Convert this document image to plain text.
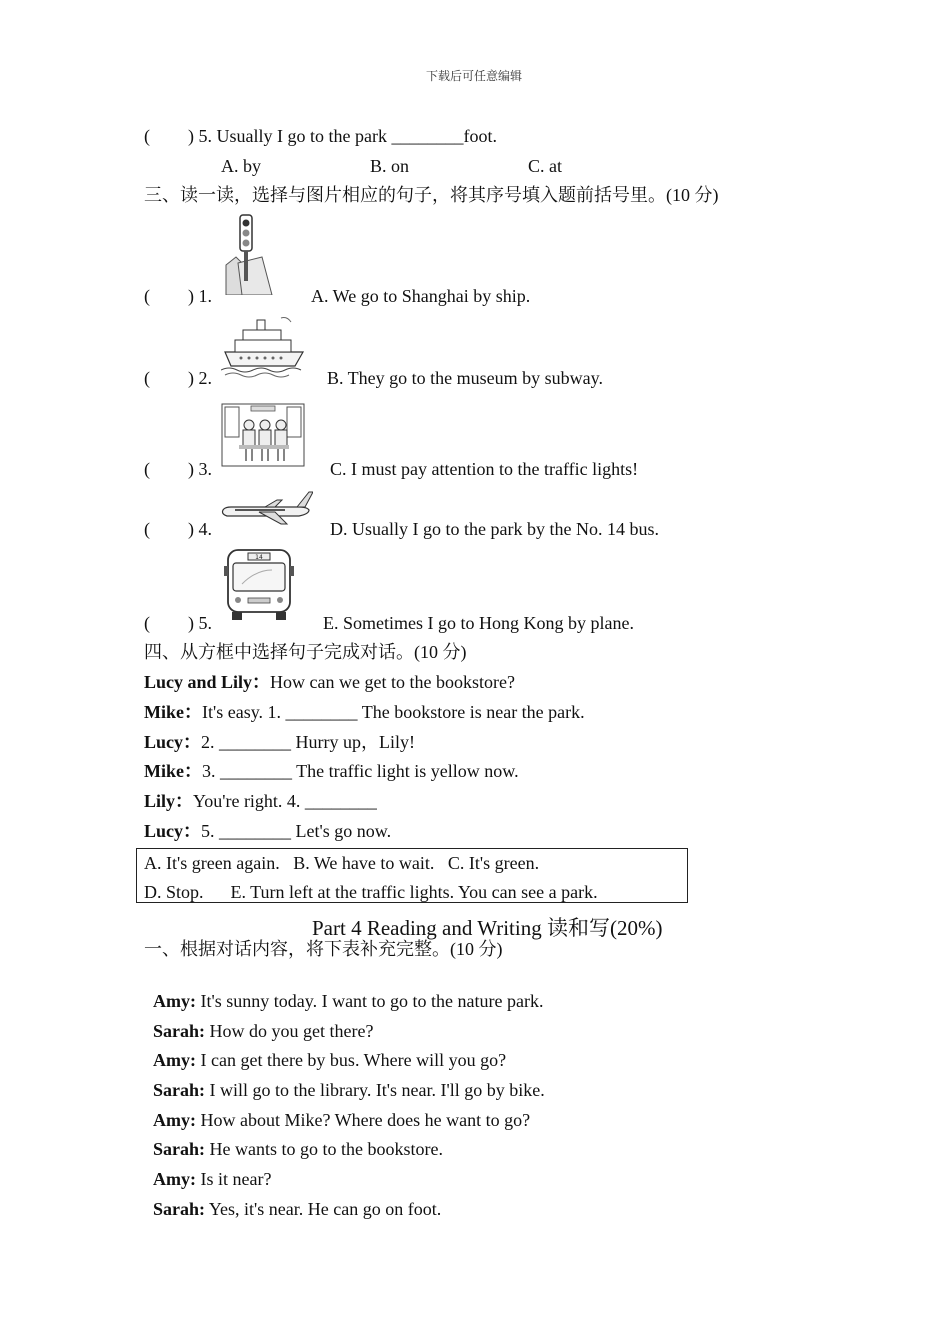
下载后可任意编辑
( ) 5. Usually I go to the park ________foot.
A. by	B. on	C. at
三、读一读，选择与图片相应的句子，将其序号填入题前括号里。(10 分)
14
( ) 1.	A. We go to Shanghai by ship.
( ) 2.	B. They go to the museum by subway.
( ) 3.	C. I must pay attention to the traffic lights!
( ) 4.	D. Usually I go to the park by the No. 14 bus.
( ) 5.	E. Sometimes I go to Hong Kong by plane.
四、从方框中选择句子完成对话。(10 分)
Lucy and Lily：How can we get to the bookstore?
Mike：It's easy. 1. ________ The bookstore is near the park.
Lucy：2. ________ Hurry up，Lily!
Mike：3. ________ The traffic light is yellow now.
Lily：You're right. 4. ________
Lucy：5. ________ Let's go now.
A. It's green again.   B. We have to wait.   C. It's green.
D. Stop.      E. Turn left at the traffic lights. You can see a park.
Part 4 Reading and Writing 读和写(20%)
一、根据对话内容，将下表补充完整。(10 分)

Amy: It's sunny today. I want to go to the nature park.

Sarah: How do you get there?

Amy: I can get there by bus. Where will you go?

Sarah: I will go to the library. It's near. I'll go by bike.

Amy: How about Mike? Where does he want to go?

Sarah: He wants to go to the bookstore.

Amy: Is it near?

Sarah: Yes, it's near. He can go on foot.
